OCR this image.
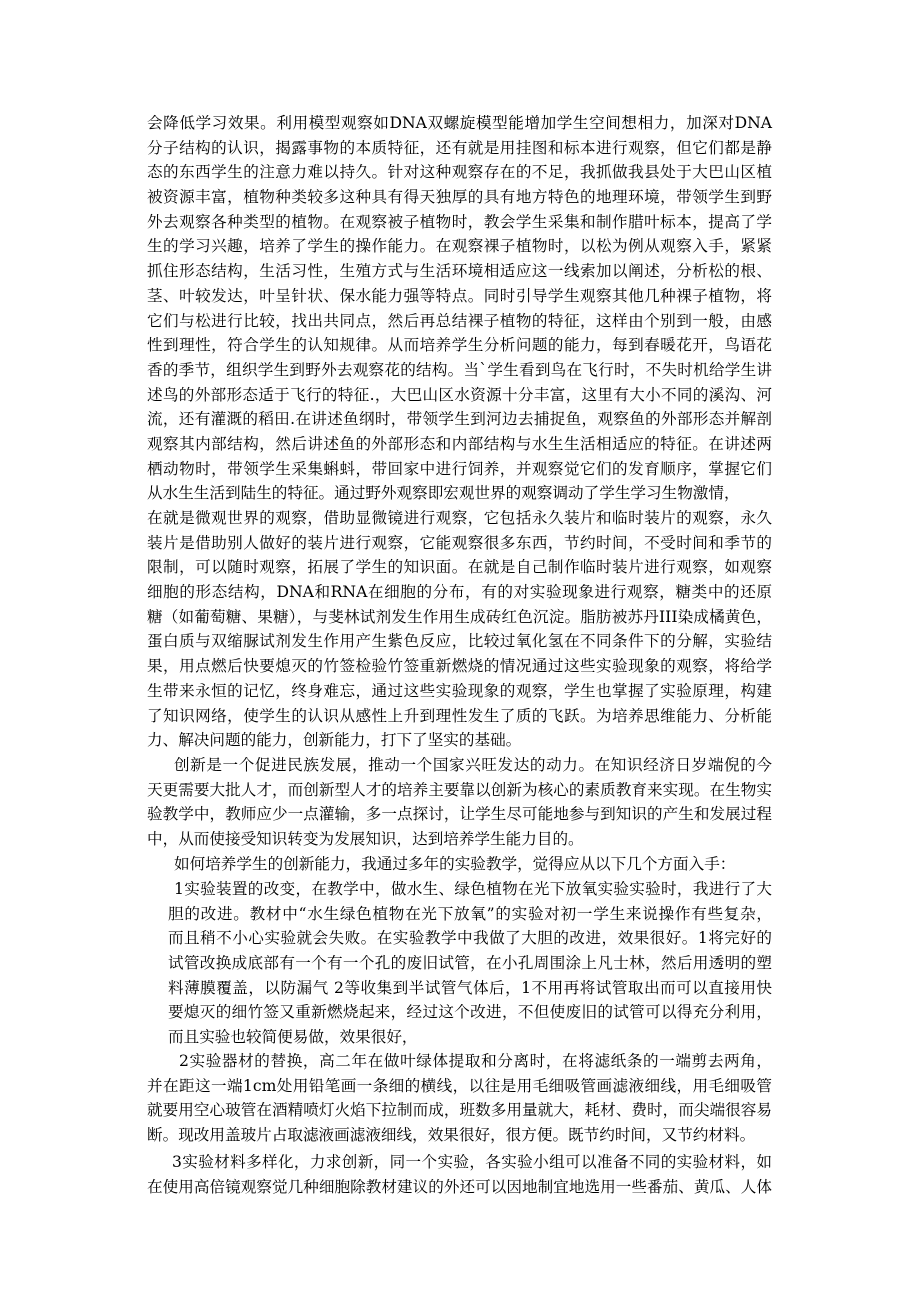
会降低学习效果。利用模型观察如DNA双螺旋模型能增加学生空间想相力，加深对DNA
分子结构的认识，揭露事物的本质特征，还有就是用挂图和标本进行观察，但它们都是静
态的东西学生的注意力难以持久。针对这种观察存在的不足，我抓做我县处于大巴山区植
被资源丰富，植物种类较多这种具有得天独厚的具有地方特色的地理环境，带领学生到野
外去观察各种类型的植物。在观察被子植物时，教会学生采集和制作腊叶标本，提高了学
生的学习兴趣，培养了学生的操作能力。在观察裸子植物时，以松为例从观察入手，紧紧
抓住形态结构，生活习性，生殖方式与生活环境相适应这一线索加以阐述，分析松的根、
茎、叶较发达，叶呈针状、保水能力强等特点。同时引导学生观察其他几种裸子植物，将
它们与松进行比较，找出共同点，然后再总结裸子植物的特征，这样由个别到一般，由感
性到理性，符合学生的认知规律。从而培养学生分析问题的能力，每到春暖花开，鸟语花
香的季节，组织学生到野外去观察花的结构。当`学生看到鸟在飞行时，不失时机给学生讲
述鸟的外部形态适于飞行的特征.，大巴山区水资源十分丰富，这里有大小不同的溪沟、河
流，还有灌溉的稻田.在讲述鱼纲时，带领学生到河边去捕捉鱼，观察鱼的外部形态并解剖
观察其内部结构，然后讲述鱼的外部形态和内部结构与水生生活相适应的特征。在讲述两
栖动物时，带领学生采集蝌蚪，带回家中进行饲养，并观察觉它们的发育顺序，掌握它们
从水生生活到陆生的特征。通过野外观察即宏观世界的观察调动了学生学习生物激情，
在就是微观世界的观察，借助显微镜进行观察，它包括永久装片和临时装片的观察，永久
装片是借助别人做好的装片进行观察，它能观察很多东西，节约时间，不受时间和季节的
限制，可以随时观察，拓展了学生的知识面。在就是自己制作临时装片进行观察，如观察
细胞的形态结构，DNA和RNA在细胞的分布，有的对实验现象进行观察，糖类中的还原
糖（如葡萄糖、果糖），与斐林试剂发生作用生成砖红色沉淀。脂肪被苏丹III染成橘黄色，
蛋白质与双缩脲试剂发生作用产生紫色反应，比较过氧化氢在不同条件下的分解，实验结
果，用点燃后快要熄灭的竹签检验竹签重新燃烧的情况通过这些实验现象的观察，将给学
生带来永恒的记忆，终身难忘，通过这些实验现象的观察，学生也掌握了实验原理，构建
了知识网络，使学生的认识从感性上升到理性发生了质的飞跃。为培养思维能力、分析能
力、解决问题的能力，创新能力，打下了坚实的基础。
创新是一个促进民族发展，推动一个国家兴旺发达的动力。在知识经济日岁端倪的今
天更需要大批人才，而创新型人才的培养主要靠以创新为核心的素质教育来实现。在生物实
验教学中，教师应少一点灌输，多一点探讨，让学生尽可能地参与到知识的产生和发展过程
中，从而使接受知识转变为发展知识，达到培养学生能力目的。
如何培养学生的创新能力，我通过多年的实验教学，觉得应从以下几个方面入手：
1实验装置的改变，在教学中，做水生、绿色植物在光下放氧实验实验时，我进行了大
胆的改进。教材中“水生绿色植物在光下放氧”的实验对初一学生来说操作有些复杂，
而且稍不小心实验就会失败。在实验教学中我做了大胆的改进，效果很好。1将完好的
试管改换成底部有一个有一个孔的废旧试管，在小孔周围涂上凡士林，然后用透明的塑
料薄膜覆盖，以防漏气 2等收集到半试管气体后，1不用再将试管取出而可以直接用快
要熄灭的细竹签又重新燃烧起来，经过这个改进，不但使废旧的试管可以得充分利用，
而且实验也较简便易做，效果很好，
2实验器材的替换，高二年在做叶绿体提取和分离时，在将滤纸条的一端剪去两角，
并在距这一端1cm处用铅笔画一条细的横线，以往是用毛细吸管画滤液细线，用毛细吸管
就要用空心玻管在酒精喷灯火焰下拉制而成，班数多用量就大，耗材、费时，而尖端很容易
断。现改用盖玻片占取滤液画滤液细线，效果很好，很方便。既节约时间，又节约材料。
3实验材料多样化，力求创新，同一个实验，各实验小组可以准备不同的实验材料，如
在使用高倍镜观察觉几种细胞除教材建议的外还可以因地制宜地选用一些番茄、黄瓜、人体
